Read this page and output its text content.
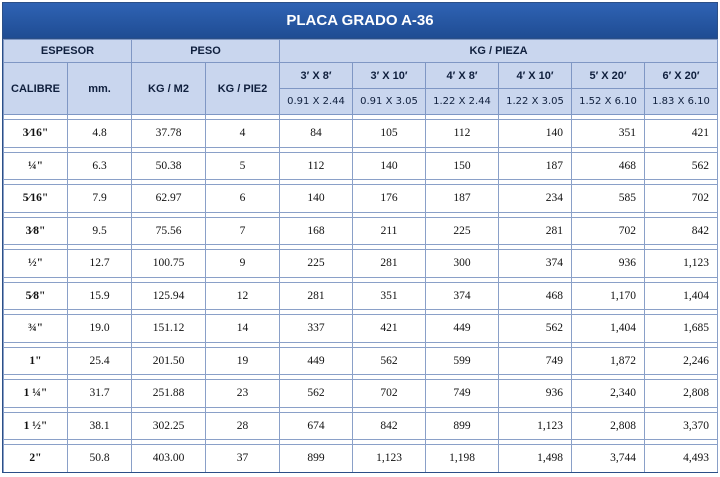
PLACA GRADO A-36
ESPESOR		PESO		KG / PIEZA					
CALIBRE	mm.	KG / M2	KG / PIE2	3′ X 8′	3′ X 10′	4′ X 8′	4′ X 10′	5′ X 20′	6′ X 20′
				0.91 X 2.44	0.91 X 3.05	1.22 X 2.44	1.22 X 3.05	1.52 X 6.10	1.83 X 6.10

3⁄16"	4.8	37.78	4	84	105	112	140	351	421

¼"	6.3	50.38	5	112	140	150	187	468	562

5⁄16"	7.9	62.97	6	140	176	187	234	585	702

3⁄8"	9.5	75.56	7	168	211	225	281	702	842

½"	12.7	100.75	9	225	281	300	374	936	1,123

5⁄8"	15.9	125.94	12	281	351	374	468	1,170	1,404

¾"	19.0	151.12	14	337	421	449	562	1,404	1,685

1"	25.4	201.50	19	449	562	599	749	1,872	2,246

1 ¼"	31.7	251.88	23	562	702	749	936	2,340	2,808

1 ½"	38.1	302.25	28	674	842	899	1,123	2,808	3,370

2"	50.8	403.00	37	899	1,123	1,198	1,498	3,744	4,493
